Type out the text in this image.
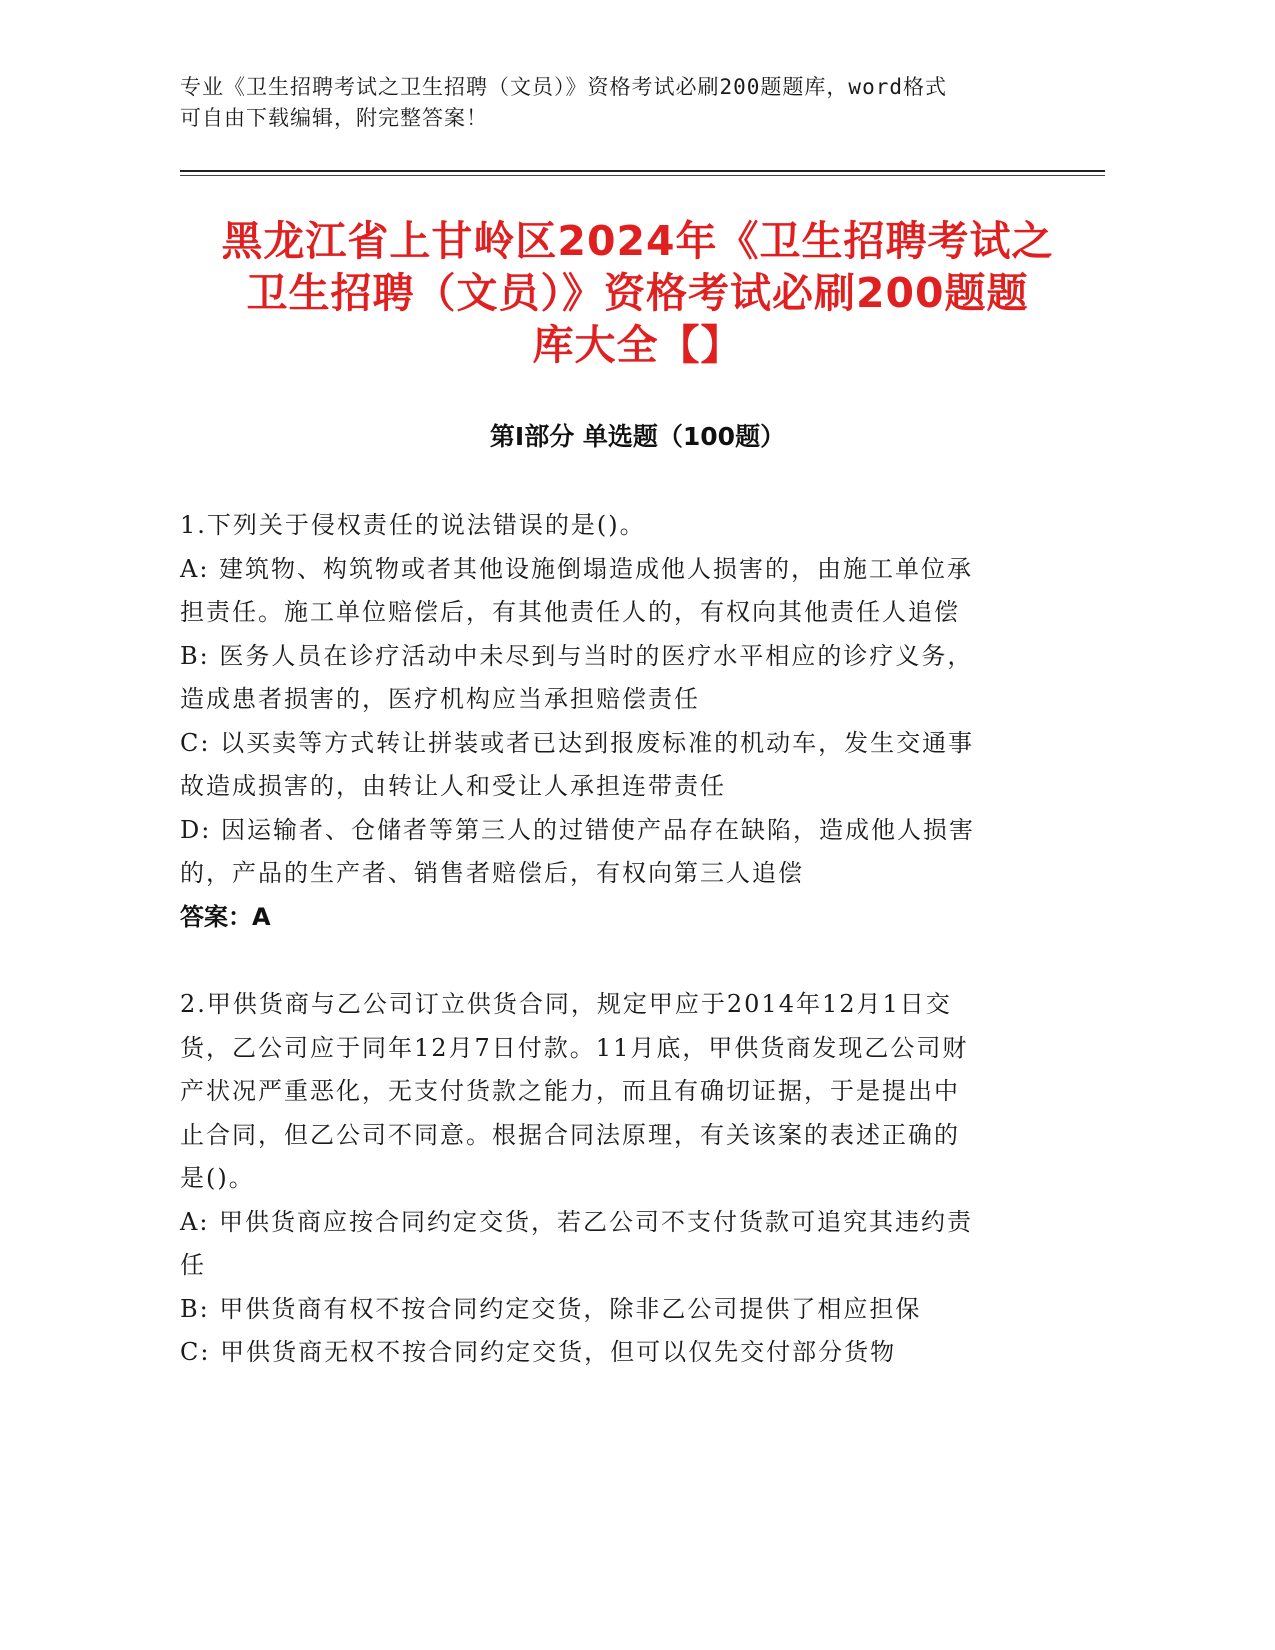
专业《卫生招聘考试之卫生招聘（文员）》资格考试必刷200题题库，word格式

可自由下载编辑，附完整答案！

黑龙江省上甘岭区2024年《卫生招聘考试之
卫生招聘（文员）》资格考试必刷200题题
库大全【】
第I部分 单选题（100题）
1.下列关于侵权责任的说法错误的是()。
A: 建筑物、构筑物或者其他设施倒塌造成他人损害的，由施工单位承
担责任。施工单位赔偿后，有其他责任人的，有权向其他责任人追偿
B: 医务人员在诊疗活动中未尽到与当时的医疗水平相应的诊疗义务，
造成患者损害的，医疗机构应当承担赔偿责任
C: 以买卖等方式转让拼装或者已达到报废标准的机动车，发生交通事
故造成损害的，由转让人和受让人承担连带责任
D: 因运输者、仓储者等第三人的过错使产品存在缺陷，造成他人损害
的，产品的生产者、销售者赔偿后，有权向第三人追偿
答案：A
2.甲供货商与乙公司订立供货合同，规定甲应于2014年12月1日交
货，乙公司应于同年12月7日付款。11月底，甲供货商发现乙公司财
产状况严重恶化，无支付货款之能力，而且有确切证据，于是提出中
止合同，但乙公司不同意。根据合同法原理，有关该案的表述正确的
是()。
A: 甲供货商应按合同约定交货，若乙公司不支付货款可追究其违约责
任
B: 甲供货商有权不按合同约定交货，除非乙公司提供了相应担保
C: 甲供货商无权不按合同约定交货，但可以仅先交付部分货物
